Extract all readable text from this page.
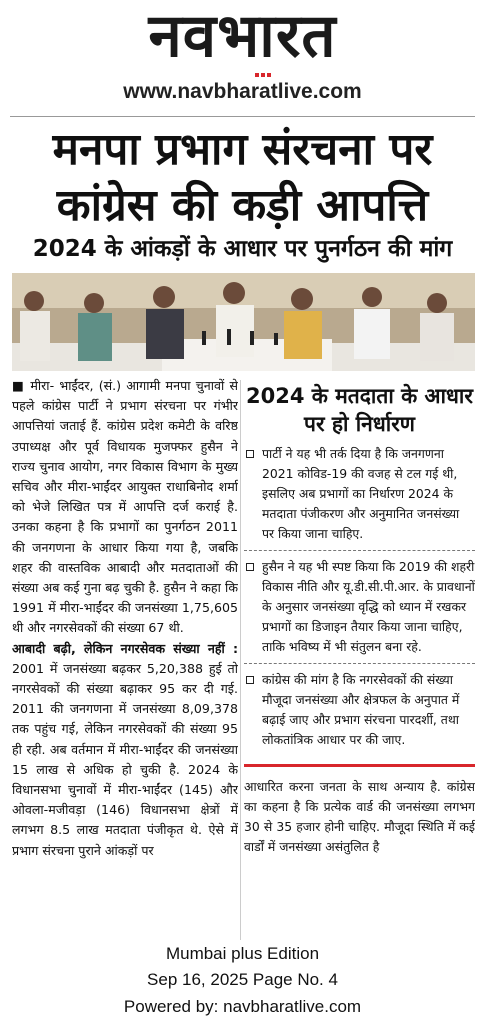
नवभारत
www.navbharatlive.com
मनपा प्रभाग संरचना पर
कांग्रेस की कड़ी आपत्ति
2024 के आंकड़ों के आधार पर पुनर्गठन की मांग

■ मीरा- भाईंदर, (सं.) आगामी मनपा चुनावों से पहले कांग्रेस पार्टी ने प्रभाग संरचना पर गंभीर आपत्तियां जताई हैं. कांग्रेस प्रदेश कमेटी के वरिष्ठ उपाध्यक्ष और पूर्व विधायक मुजफ्फर हुसैन ने राज्य चुनाव आयोग, नगर विकास विभाग के मुख्य सचिव और मीरा-भाईंदर आयुक्त राधाबिनोद शर्मा को भेजे लिखित पत्र में आपत्ति दर्ज कराई है. उनका कहना है कि प्रभागों का पुनर्गठन 2011 की जनगणना के आधार किया गया है, जबकि शहर की वास्तविक आबादी और मतदाताओं की संख्या अब कई गुना बढ़ चुकी है. हुसैन ने कहा कि 1991 में मीरा-भाईंदर की जनसंख्या 1,75,605 थी और नगरसेवकों की संख्या 67 थी.

आबादी बढ़ी, लेकिन नगरसेवक संख्या नहीं : 2001 में जनसंख्या बढ़कर 5,20,388 हुई तो नगरसेवकों की संख्या बढ़ाकर 95 कर दी गई. 2011 की जनगणना में जनसंख्या 8,09,378 तक पहुंच गई, लेकिन नगरसेवकों की संख्या 95 ही रही. अब वर्तमान में मीरा-भाईंदर की जनसंख्या 15 लाख से अधिक हो चुकी है. 2024 के विधानसभा चुनावों में मीरा-भाईंदर (145) और ओवला-मजीवड़ा (146) विधानसभा क्षेत्रों में लगभग 8.5 लाख मतदाता पंजीकृत थे. ऐसे में प्रभाग संरचना पुराने आंकड़ों पर

2024 के मतदाता के आधार पर हो निर्धारण
पार्टी ने यह भी तर्क दिया है कि जनगणना 2021 कोविड-19 की वजह से टल गई थी, इसलिए अब प्रभागों का निर्धारण 2024 के मतदाता पंजीकरण और अनुमानित जनसंख्या पर किया जाना चाहिए.
हुसैन ने यह भी स्पष्ट किया कि 2019 की शहरी विकास नीति और यू.डी.सी.पी.आर. के प्रावधानों के अनुसार जनसंख्या वृद्धि को ध्यान में रखकर प्रभागों का डिजाइन तैयार किया जाना चाहिए, ताकि भविष्य में भी संतुलन बना रहे.
कांग्रेस की मांग है कि नगरसेवकों की संख्या मौजूदा जनसंख्या और क्षेत्रफल के अनुपात में बढ़ाई जाए और प्रभाग संरचना पारदर्शी, तथा लोकतांत्रिक आधार पर की जाए.
आधारित करना जनता के साथ अन्याय है. कांग्रेस का कहना है कि प्रत्येक वार्ड की जनसंख्या लगभग 30 से 35 हजार होनी चाहिए. मौजूदा स्थिति में कई वार्डों में जनसंख्या असंतुलित है
Mumbai plus Edition
Sep 16, 2025 Page No. 4
Powered by: navbharatlive.com
